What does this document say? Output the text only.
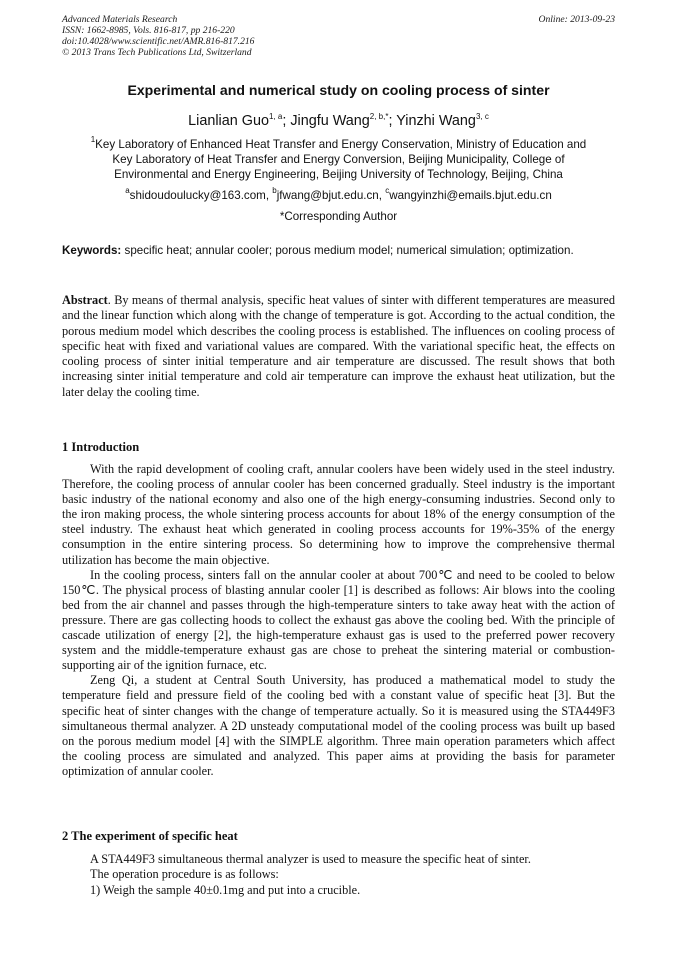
Advanced Materials Research
ISSN: 1662-8985, Vols. 816-817, pp 216-220
doi:10.4028/www.scientific.net/AMR.816-817.216
© 2013 Trans Tech Publications Ltd, Switzerland
Online: 2013-09-23
Experimental and numerical study on cooling process of sinter
Lianlian Guo$^{1, a}$; Jingfu Wang$^{2, b,*}$; Yinzhi Wang$^{3, c}$
$^1$Key Laboratory of Enhanced Heat Transfer and Energy Conservation, Ministry of Education and
Key Laboratory of Heat Transfer and Energy Conversion, Beijing Municipality, College of
Environmental and Energy Engineering, Beijing University of Technology, Beijing, China
$^a$shidoudoulucky@163.com, $^b$jfwang@bjut.edu.cn, $^c$wangyinzhi@emails.bjut.edu.cn
*Corresponding Author
Keywords: specific heat; annular cooler; porous medium model; numerical simulation; optimization.
Abstract. By means of thermal analysis, specific heat values of sinter with different temperatures are measured and the linear function which along with the change of temperature is got. According to the actual condition, the porous medium model which describes the cooling process is established. The influences on cooling process of specific heat with fixed and variational values are compared. With the variational specific heat, the effects on cooling process of sinter initial temperature and air temperature are discussed. The result shows that both increasing sinter initial temperature and cold air temperature can improve the exhaust heat utilization, but the later delay the cooling time.
1 Introduction

With the rapid development of cooling craft, annular coolers have been widely used in the steel industry. Therefore, the cooling process of annular cooler has been concerned gradually. Steel industry is the important basic industry of the national economy and also one of the high energy-consuming industries. Second only to the iron making process, the whole sintering process accounts for about 18% of the energy consumption of the steel industry. The exhaust heat which generated in cooling process accounts for 19%-35% of the energy consumption in the entire sintering process. So determining how to improve the comprehensive thermal utilization has become the main objective.

In the cooling process, sinters fall on the annular cooler at about 700℃ and need to be cooled to below 150℃. The physical process of blasting annular cooler [1] is described as follows: Air blows into the cooling bed from the air channel and passes through the high-temperature sinters to take away heat with the action of pressure. There are gas collecting hoods to collect the exhaust gas above the cooling bed. With the principle of cascade utilization of energy [2], the high-temperature exhaust gas is used to the preferred power recovery system and the middle-temperature exhaust gas are chose to preheat the sintering material or combustion-supporting air of the ignition furnace, etc.

Zeng Qi, a student at Central South University, has produced a mathematical model to study the temperature field and pressure field of the cooling bed with a constant value of specific heat [3]. But the specific heat of sinter changes with the change of temperature actually. So it is measured using the STA449F3 simultaneous thermal analyzer. A 2D unsteady computational model of the cooling process was built up based on the porous medium model [4] with the SIMPLE algorithm. Three main operation parameters which affect the cooling process are simulated and analyzed. This paper aims at providing the basis for parameter optimization of annular cooler.

2 The experiment of specific heat
A STA449F3 simultaneous thermal analyzer is used to measure the specific heat of sinter.
The operation procedure is as follows:
1) Weigh the sample 40±0.1mg and put into a crucible.
